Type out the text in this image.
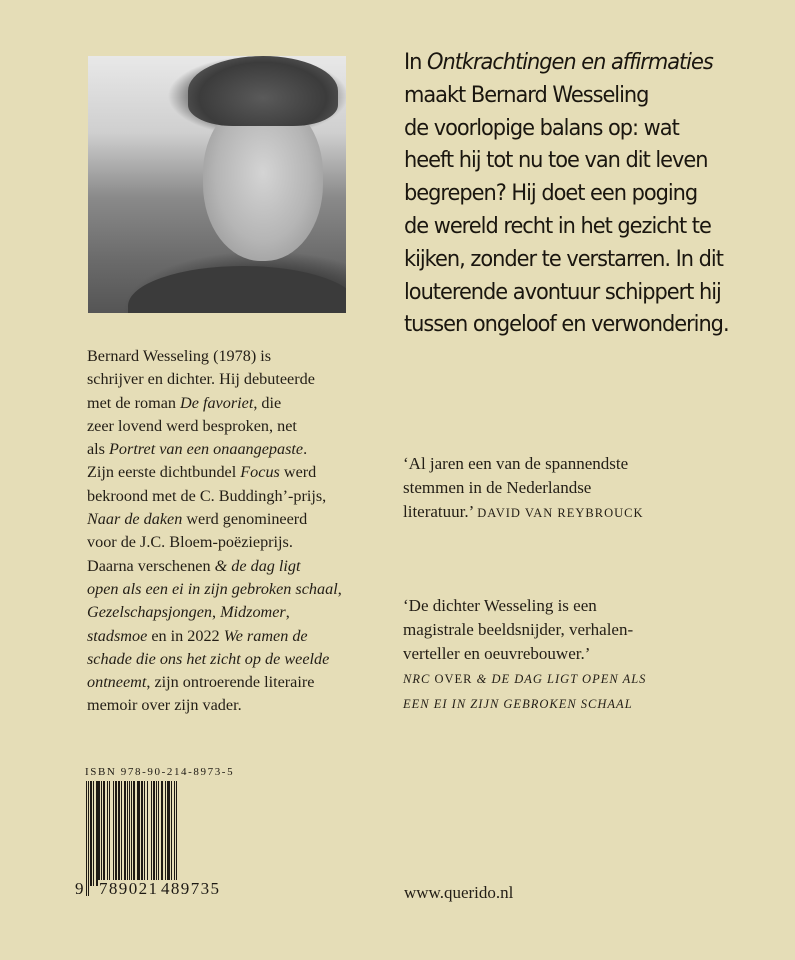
In Ontkrachtingen en affirmaties
maakt Bernard Wesseling
de voorlopige balans op: wat
heeft hij tot nu toe van dit leven
begrepen? Hij doet een poging
de wereld recht in het gezicht te
kijken, zonder te verstarren. In dit
louterende avontuur schippert hij
tussen ongeloof en verwondering.
Bernard Wesseling (1978) is
schrijver en dichter. Hij debuteerde
met de roman De favoriet, die
zeer lovend werd besproken, net
als Portret van een onaangepaste.
Zijn eerste dichtbundel Focus werd
bekroond met de C. Buddingh’-prijs,
Naar de daken werd genomineerd
voor de J.C. Bloem-poëzieprijs.
Daarna verschenen & de dag ligt
open als een ei in zijn gebroken schaal,
Gezelschapsjongen, Midzomer,
stadsmoe en in 2022 We ramen de
schade die ons het zicht op de weelde
ontneemt, zijn ontroerende literaire
memoir over zijn vader.
‘Al jaren een van de spannendste
stemmen in de Nederlandse
literatuur.’ DAVID VAN REYBROUCK
‘De dichter Wesseling is een
magistrale beeldsnijder, verhalen-
verteller en oeuvrebouwer.’
NRC OVER & DE DAG LIGT OPEN ALS
EEN EI IN ZIJN GEBROKEN SCHAAL
ISBN 978-90-214-8973-5
9 789021 489735	www.querido.nl
